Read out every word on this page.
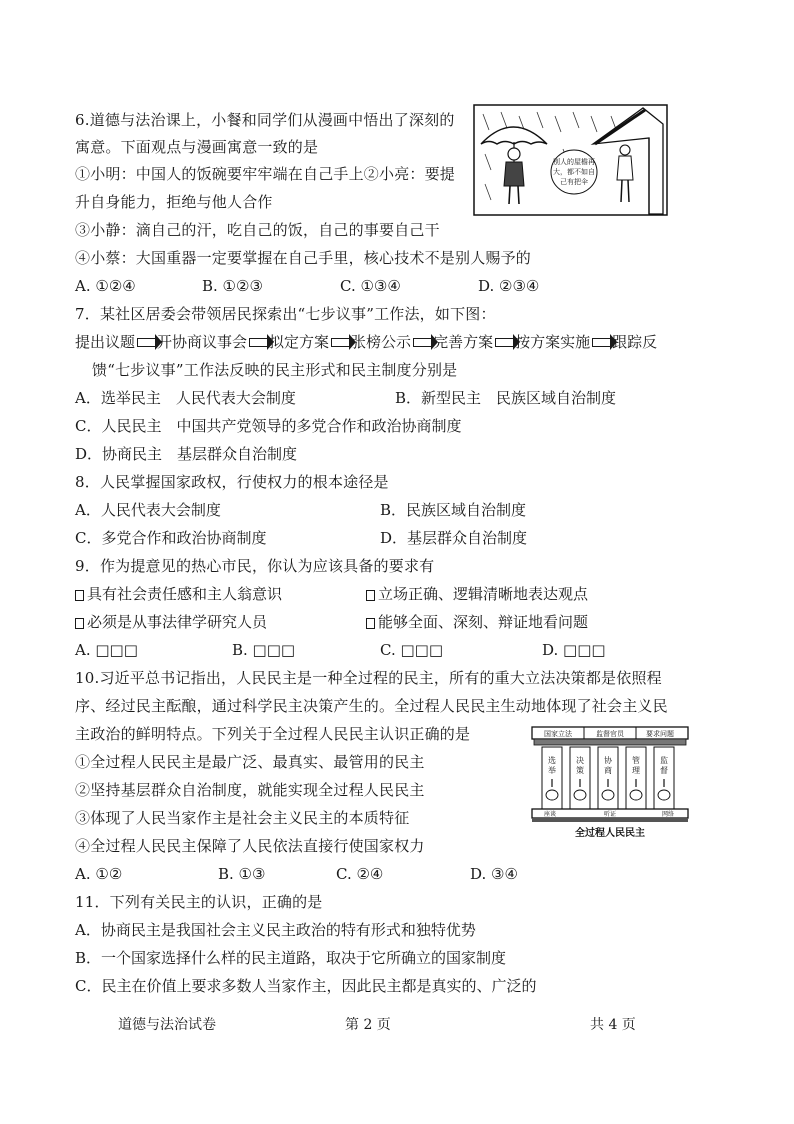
6.道德与法治课上，小餐和同学们从漫画中悟出了深刻的
寓意。下面观点与漫画寓意一致的是
①小明：中国人的饭碗要牢牢端在自己手上②小亮：要提
升自身能力，拒绝与他人合作
③小静：滴自己的汗，吃自己的饭，自己的事要自己干
④小蔡：大国重器一定要掌握在自己手里，核心技术不是别人赐予的
A. ①②④	B. ①②③	C. ①③④	D. ②③④
别人的屋檐再
大，都不如自
己有把伞
7．某社区居委会带领居民探索出“七步议事”工作法，如下图：
提出议题 开协商议事会 拟定方案 张榜公示 完善方案 按方案实施 跟踪反
馈“七步议事”工作法反映的民主形式和民主制度分别是
A．选举民主　人民代表大会制度	B．新型民主　民族区域自治制度
C．人民民主　中国共产党领导的多党合作和政治协商制度
D．协商民主　基层群众自治制度
8．人民掌握国家政权，行使权力的根本途径是
A．人民代表大会制度	B．民族区域自治制度
C．多党合作和政治协商制度	D．基层群众自治制度
9．作为提意见的热心市民，你认为应该具备的要求有
具有社会责任感和主人翁意识	立场正确、逻辑清晰地表达观点
必须是从事法律学研究人员	能够全面、深刻、辩证地看问题
A. □□□	B. □□□	C. □□□	D. □□□
10.习近平总书记指出，人民民主是一种全过程的民主，所有的重大立法决策都是依照程
序、经过民主酝酿，通过科学民主决策产生的。全过程人民民主生动地体现了社会主义民
主政治的鲜明特点。下列关于全过程人民民主认识正确的是
①全过程人民民主是最广泛、最真实、最管用的民主
②坚持基层群众自治制度，就能实现全过程人民民主
③体现了人民当家作主是社会主义民主的本质特征
④全过程人民民主保障了人民依法直接行使国家权力
A. ①②	B. ①③	C. ②④	D. ③④
国家立法	监督官员	要求问题
选
举
决
策
协
商
管
理
监
督
座谈	听证	网络
全过程人民民主
11．下列有关民主的认识，正确的是
A．协商民主是我国社会主义民主政治的特有形式和独特优势
B．一个国家选择什么样的民主道路，取决于它所确立的国家制度
C．民主在价值上要求多数人当家作主，因此民主都是真实的、广泛的
道德与法治试卷	第 2 页	共 4 页
